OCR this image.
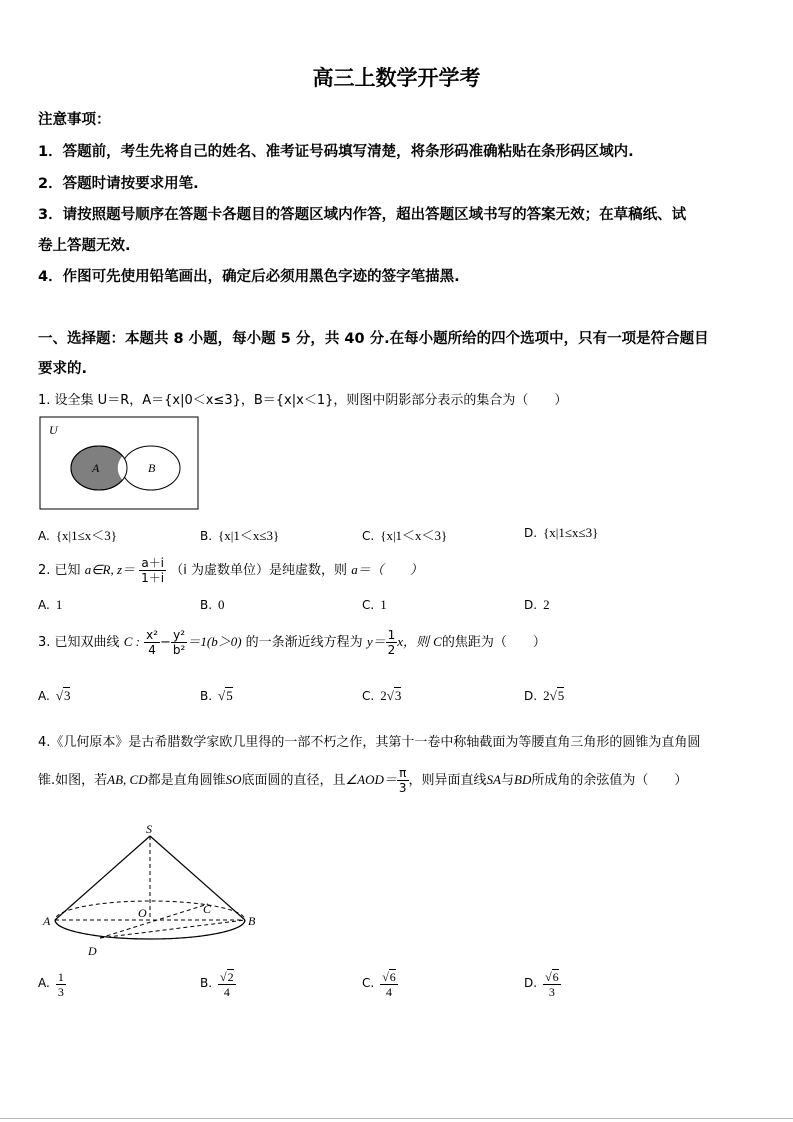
高三上数学开学考
注意事项：
1．答题前，考生先将自己的姓名、准考证号码填写清楚，将条形码准确粘贴在条形码区域内.
2．答题时请按要求用笔.
3．请按照题号顺序在答题卡各题目的答题区域内作答，超出答题区域书写的答案无效；在草稿纸、试
卷上答题无效.
4．作图可先使用铅笔画出，确定后必须用黑色字迹的签字笔描黑.
一、选择题：本题共 8 小题，每小题 5 分，共 40 分.在每小题所给的四个选项中，只有一项是符合题目
要求的.
1. 设全集 U＝R，A＝{x|0＜x≤3}，B＝{x|x＜1}，则图中阴影部分表示的集合为（　　）
U
A	B
A. {x|1≤x＜3}	B. {x|1＜x≤3}	C. {x|1＜x＜3}	D. {x|1≤x≤3}
2. 已知 a∈R, $z= \frac{a+i}{1+i} (i$ 为虚数单位）是纯虚数，则 a＝（　　）
A. 1	B. 0	C. 1	D. 2
3. 已知双曲线 C : $\frac{\text{x²}}{4} - \frac{\text{y²}}{\text{b²}} =1(b>0)$ 的一条渐近线方程为 $y= \frac{1}{2}$ x，则 C的焦距为（　　）
A. √3	B. √5	C. 2√3	D. 2√5
4.《几何原本》是古希腊数学家欧几里得的一部不朽之作，其第十一卷中称轴截面为等腰直角三角形的圆锥为直角圆
锥.如图，若AB, CD都是直角圆锥SO底面圆的直径，且∠AOD＝ $\frac{\pi}{3}$ ，则异面直线SA与BD所成角的余弦值为（　　）
S
O
A	B
C
D
A. $\frac{1}{3}$	B. $\frac{√2}{4}$	C. $\frac{√6}{4}$	D. $\frac{√6}{3}$
